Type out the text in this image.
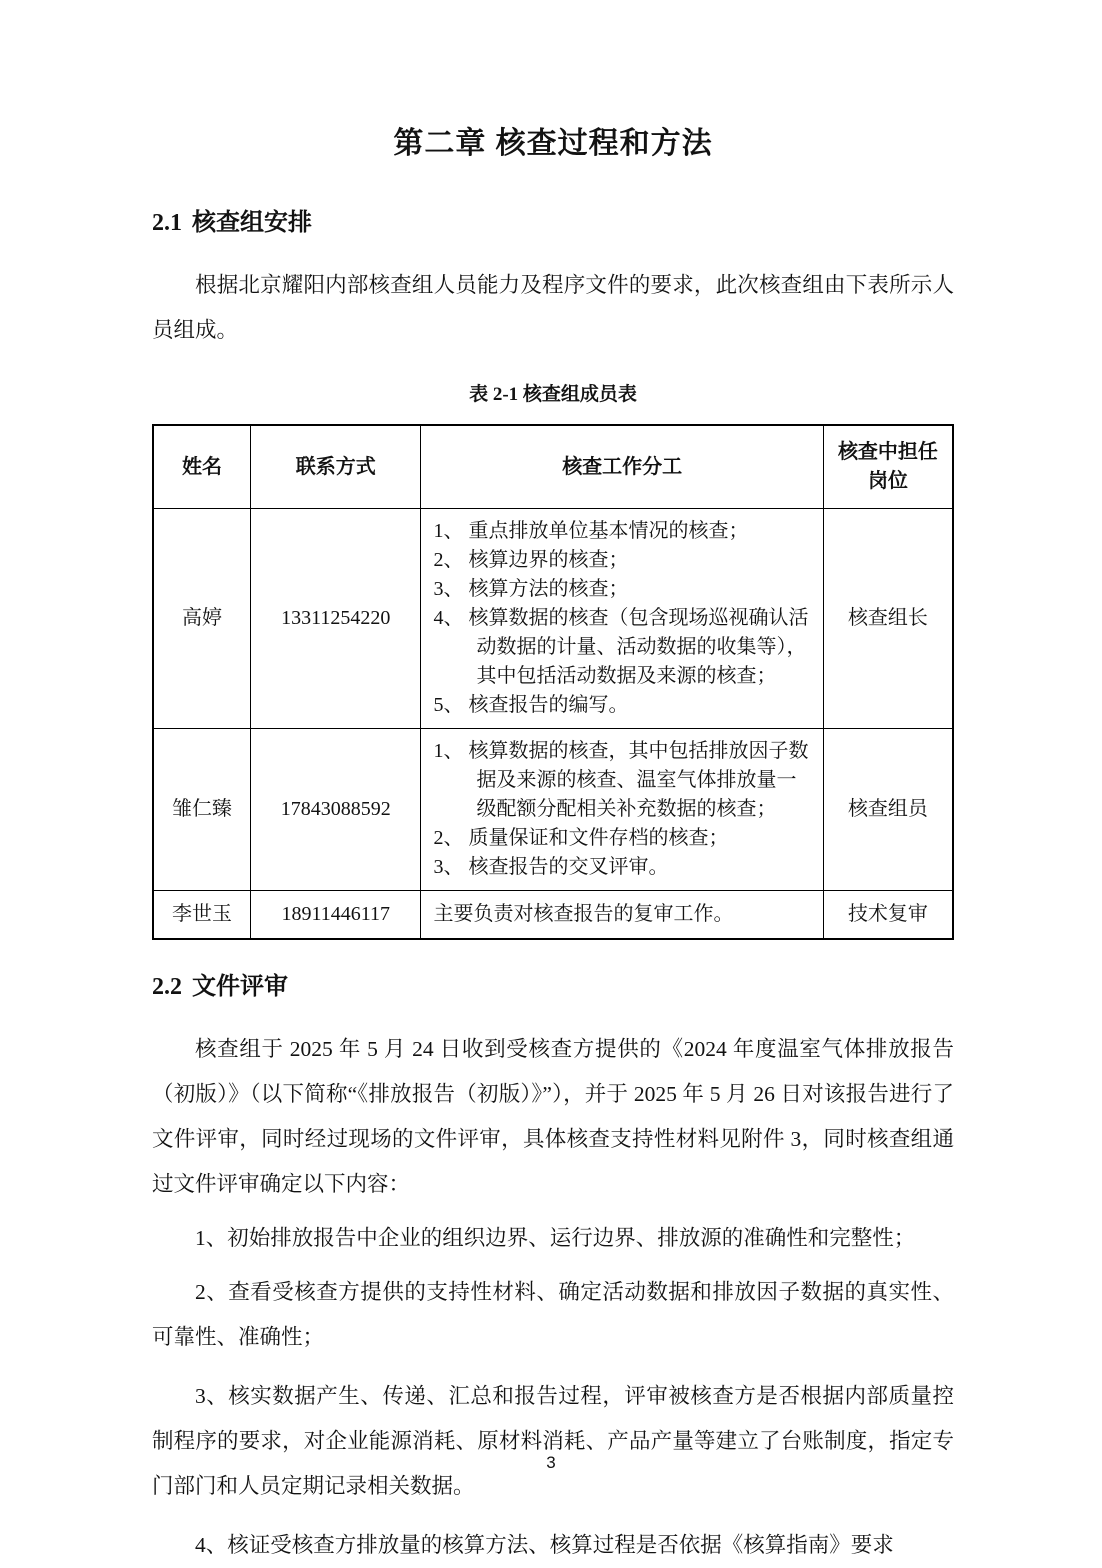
第二章 核查过程和方法
2.1 核查组安排

根据北京耀阳内部核查组人员能力及程序文件的要求，此次核查组由下表所示人员组成。

表 2-1 核查组成员表
姓名	联系方式	核查工作分工	核查中担任岗位
高婷	13311254220	1、 重点排放单位基本情况的核查；
2、 核算边界的核查；
3、 核算方法的核查；
4、 核算数据的核查（包含现场巡视确认活动数据的计量、活动数据的收集等），其中包括活动数据及来源的核查；
5、 核查报告的编写。	核查组长
雏仁臻	17843088592	1、 核算数据的核查，其中包括排放因子数据及来源的核查、温室气体排放量一级配额分配相关补充数据的核查；
2、 质量保证和文件存档的核查；
3、 核查报告的交叉评审。	核查组员
李世玉	18911446117	主要负责对核查报告的复审工作。	技术复审
2.2 文件评审

核查组于 2025 年 5 月 24 日收到受核查方提供的《2024 年度温室气体排放报告（初版）》（以下简称“《排放报告（初版）》”），并于 2025 年 5 月 26 日对该报告进行了文件评审，同时经过现场的文件评审，具体核查支持性材料见附件 3，同时核查组通过文件评审确定以下内容：

1、初始排放报告中企业的组织边界、运行边界、排放源的准确性和完整性；

2、查看受核查方提供的支持性材料、确定活动数据和排放因子数据的真实性、可靠性、准确性；

3、核实数据产生、传递、汇总和报告过程，评审被核查方是否根据内部质量控制程序的要求，对企业能源消耗、原材料消耗、产品产量等建立了台账制度，指定专门部门和人员定期记录相关数据。

4、核证受核查方排放量的核算方法、核算过程是否依据《核算指南》要求

3
